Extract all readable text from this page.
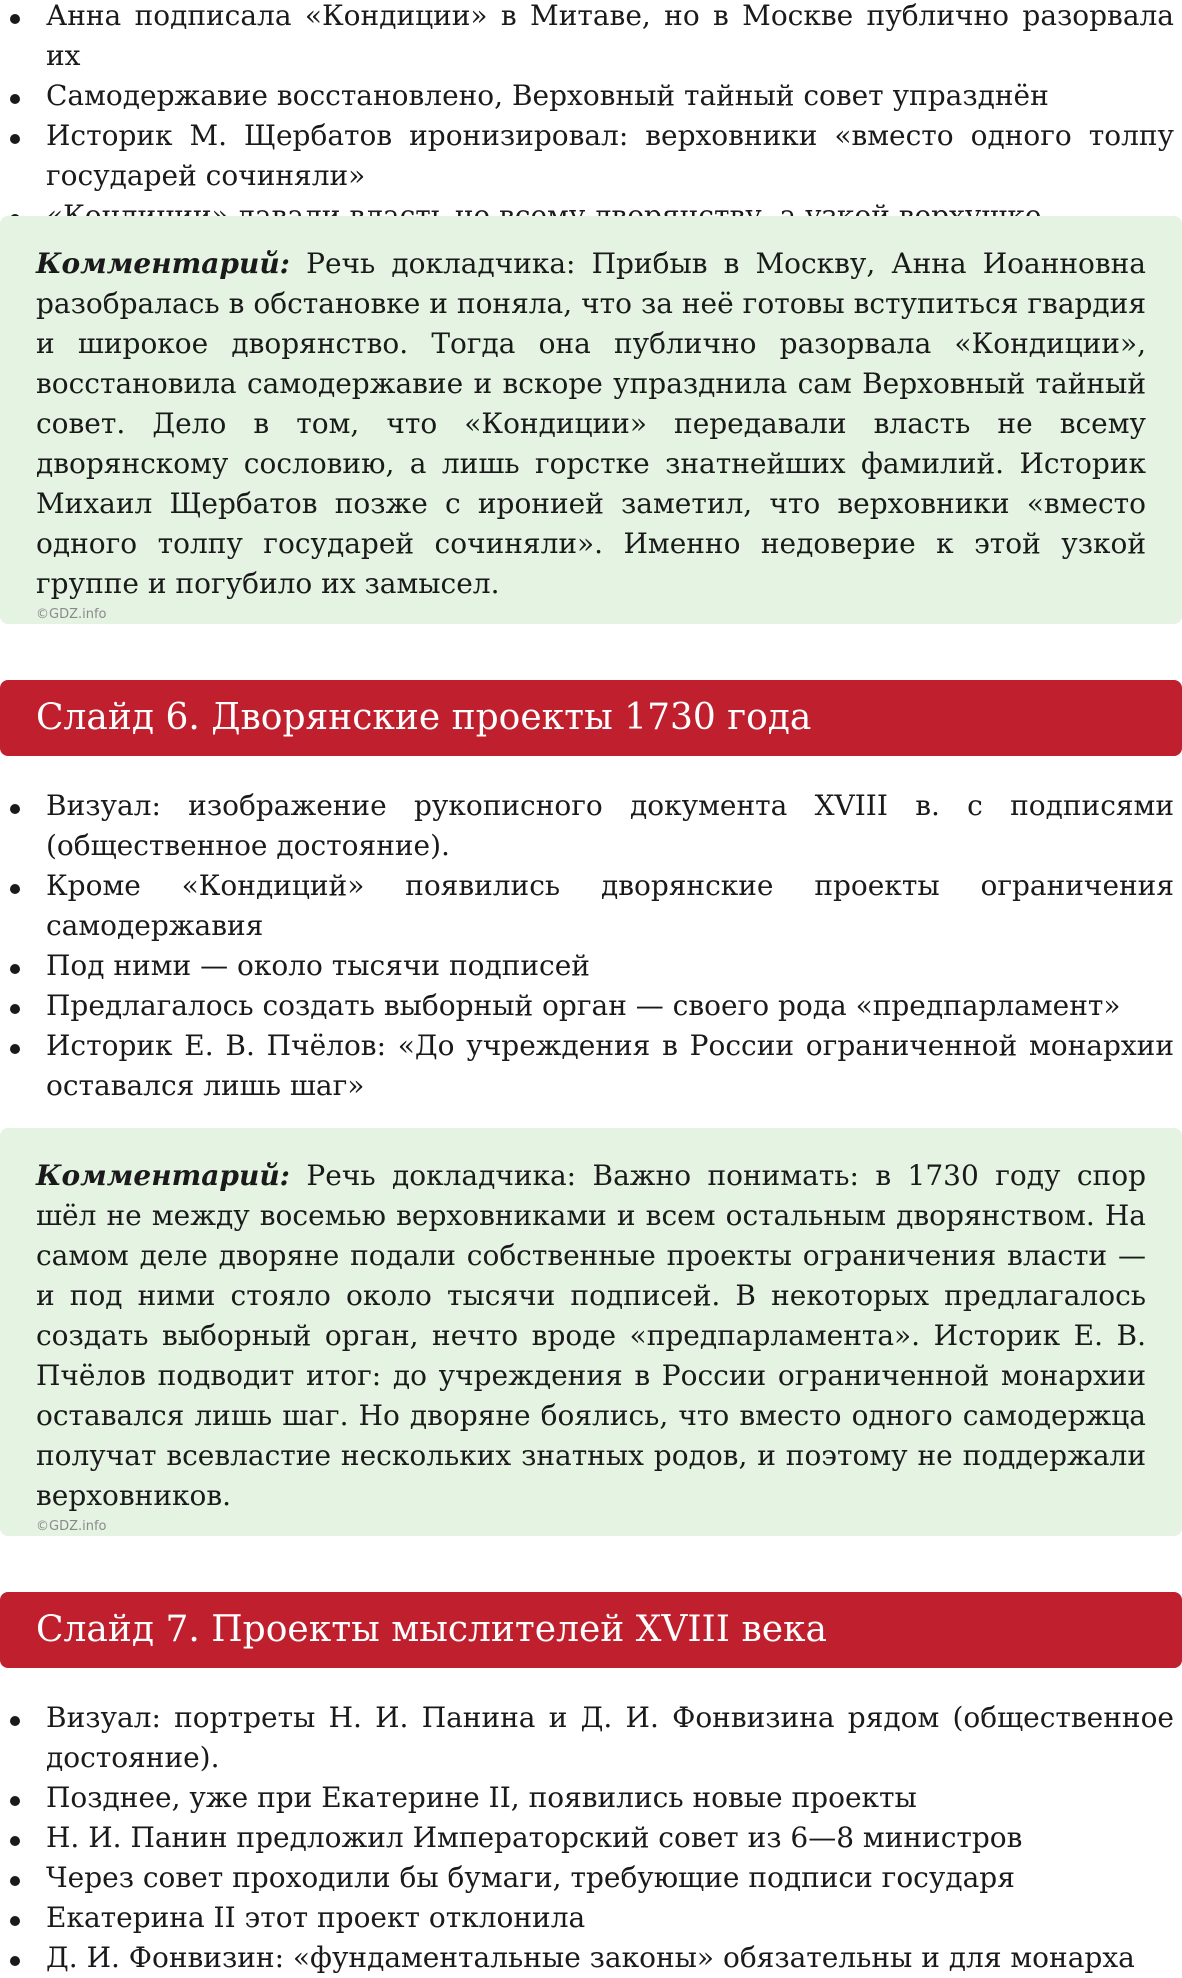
Анна подписала «Кондиции» в Митаве, но в Москве публично разорвала их
Самодержавие восстановлено, Верховный тайный совет упразднён
Историк М. Щербатов иронизировал: верховники «вместо одного толпу государей сочиняли»

Комментарий: Речь докладчика: Прибыв в Москву, Анна Иоанновна разобралась в обстановке и поняла, что за неё готовы вступиться гвардия и широкое дворянство. Тогда она публично разорвала «Кондиции», восстановила самодержавие и вскоре упразднила сам Верховный тайный совет. Дело в том, что «Кондиции» передавали власть не всему дворянскому сословию, а лишь горстке знатнейших фамилий. Историк Михаил Щербатов позже с иронией заметил, что верховники «вместо одного толпу государей сочиняли». Именно недоверие к этой узкой группе и погубило их замысел.

©GDZ.info
Слайд 6. Дворянские проекты 1730 года
Визуал: изображение рукописного документа XVIII в. с подписями (общественное достояние).
Кроме «Кондиций» появились дворянские проекты ограничения самодержавия
Под ними — около тысячи подписей
Предлагалось создать выборный орган — своего рода «предпарламент»
Историк Е. В. Пчёлов: «До учреждения в России ограниченной монархии оставался лишь шаг»

Комментарий: Речь докладчика: Важно понимать: в 1730 году спор шёл не между восемью верховниками и всем остальным дворянством. На самом деле дворяне подали собственные проекты ограничения власти — и под ними стояло около тысячи подписей. В некоторых предлагалось создать выборный орган, нечто вроде «предпарламента». Историк Е. В. Пчёлов подводит итог: до учреждения в России ограниченной монархии оставался лишь шаг. Но дворяне боялись, что вместо одного самодержца получат всевластие нескольких знатных родов, и поэтому не поддержали верховников.

©GDZ.info
Слайд 7. Проекты мыслителей XVIII века
Визуал: портреты Н. И. Панина и Д. И. Фонвизина рядом (общественное достояние).
Позднее, уже при Екатерине II, появились новые проекты
Н. И. Панин предложил Императорский совет из 6—8 министров
Через совет проходили бы бумаги, требующие подписи государя
Екатерина II этот проект отклонила
Д. И. Фонвизин: «фундаментальные законы» обязательны и для монарха
